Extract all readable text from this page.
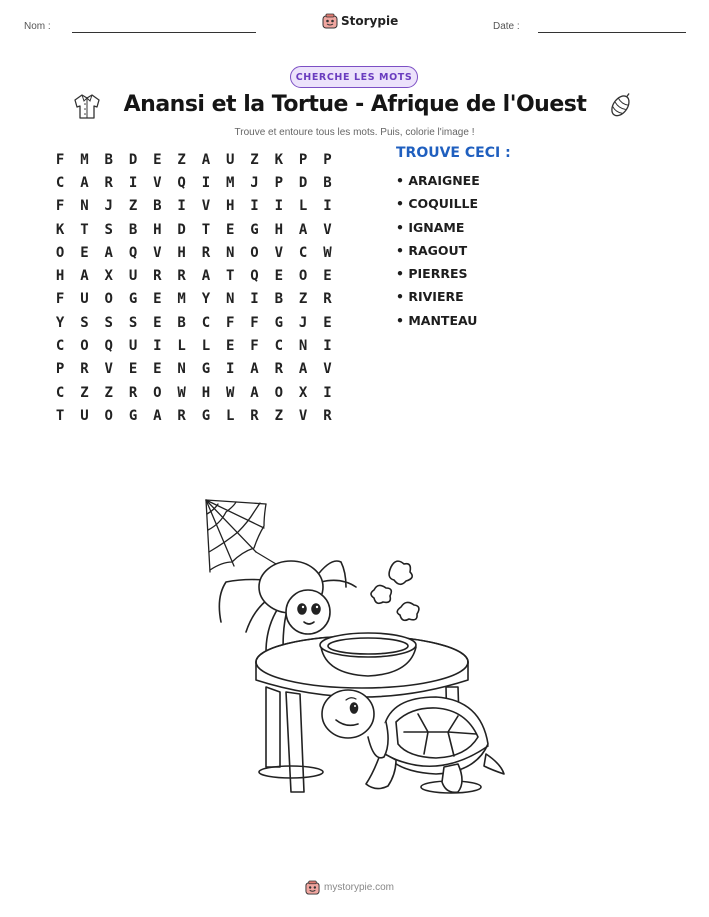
Nom :	Storypie	Date :
CHERCHE LES MOTS
Anansi et la Tortue - Afrique de l'Ouest
Trouve et entoure tous les mots. Puis, colorie l'image !
F	M	B	D	E	Z	A	U	Z	K	P	P
C	A	R	I	V	Q	I	M	J	P	D	B
F	N	J	Z	B	I	V	H	I	I	L	I
K	T	S	B	H	D	T	E	G	H	A	V
O	E	A	Q	V	H	R	N	O	V	C	W
H	A	X	U	R	R	A	T	Q	E	O	E
F	U	O	G	E	M	Y	N	I	B	Z	R
Y	S	S	S	E	B	C	F	F	G	J	E
C	O	Q	U	I	L	L	E	F	C	N	I
P	R	V	E	E	N	G	I	A	R	A	V
C	Z	Z	R	O	W	H	W	A	O	X	I
T	U	O	G	A	R	G	L	R	Z	V	R
TROUVE CECI :
• ARAIGNEE
• COQUILLE
• IGNAME
• RAGOUT
• PIERRES
• RIVIERE
• MANTEAU
mystorypie.com
